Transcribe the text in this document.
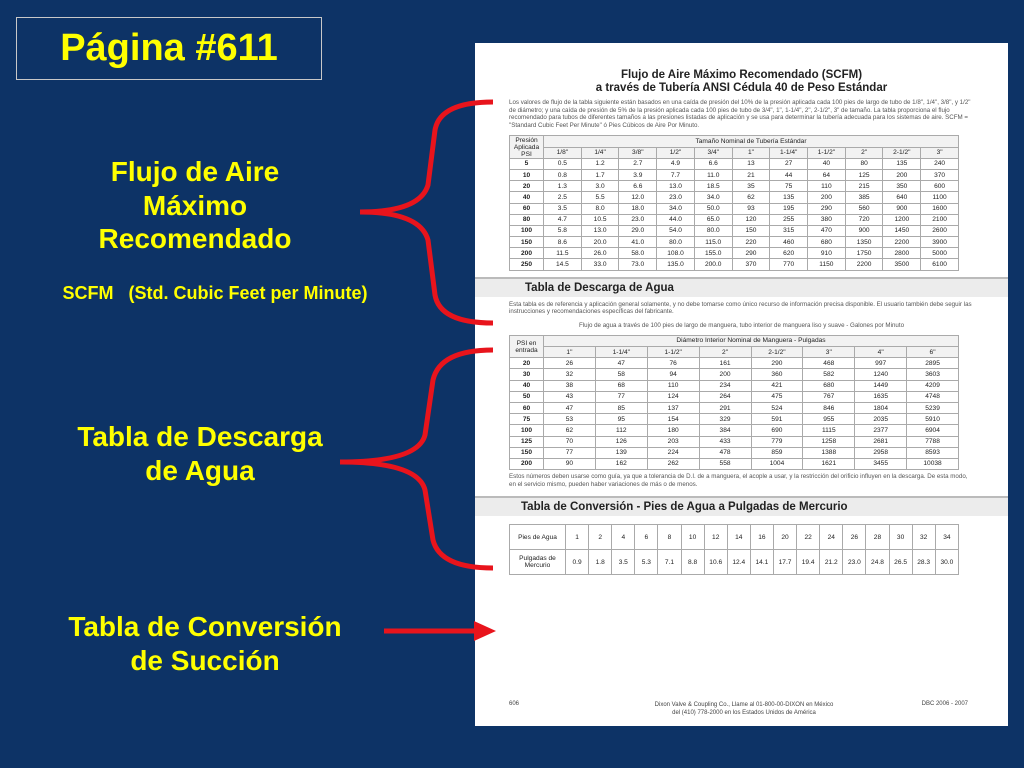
Página #611
Flujo de Aire
Máximo
Recomendado
SCFM   (Std. Cubic Feet per Minute)
Tabla de Descarga
de Agua
Tabla de Conversión
de Succión
Flujo de Aire Máximo Recomendado (SCFM)
a través de Tubería ANSI Cédula 40 de Peso Estándar
Los valores de flujo de la tabla siguiente están basados en una caída de presión del 10% de la presión aplicada cada 100 pies de largo de tubo de 1/8", 1/4", 3/8", y 1/2" de diámetro; y una caída de presión de 5% de la presión aplicada cada 100 pies de tubo de 3/4", 1", 1-1/4", 2", 2-1/2", 3" de tamaño. La tabla proporciona el flujo recomendado para tubos de diferentes tamaños a las presiones listadas de aplicación y se usa para determinar la tubería adecuada para los sistemas de aire. SCFM = "Standard Cubic Feet Per Minute" ó Pies Cúbicos de Aire Por Minuto.
Presión Aplicada PSI	Tamaño Nominal de Tubería Estándar										
	1/8"	1/4"	3/8"	1/2"	3/4"	1"	1-1/4"	1-1/2"	2"	2-1/2"	3"
5	0.5	1.2	2.7	4.9	6.6	13	27	40	80	135	240
10	0.8	1.7	3.9	7.7	11.0	21	44	64	125	200	370
20	1.3	3.0	6.6	13.0	18.5	35	75	110	215	350	600
40	2.5	5.5	12.0	23.0	34.0	62	135	200	385	640	1100
60	3.5	8.0	18.0	34.0	50.0	93	195	290	560	900	1600
80	4.7	10.5	23.0	44.0	65.0	120	255	380	720	1200	2100
100	5.8	13.0	29.0	54.0	80.0	150	315	470	900	1450	2600
150	8.6	20.0	41.0	80.0	115.0	220	460	680	1350	2200	3900
200	11.5	26.0	58.0	108.0	155.0	290	620	910	1750	2800	5000
250	14.5	33.0	73.0	135.0	200.0	370	770	1150	2200	3500	6100
Tabla de Descarga de Agua
Esta tabla es de referencia y aplicación general solamente, y no debe tomarse como único recurso de información precisa disponible. El usuario también debe seguir las instrucciones y recomendaciones específicas del fabricante.
Flujo de agua a través de 100 pies de largo de manguera, tubo interior de manguera liso y suave - Galones por Minuto
PSI en entrada	Diámetro Interior Nominal de Manguera - Pulgadas							
	1"	1-1/4"	1-1/2"	2"	2-1/2"	3"	4"	6"
20	26	47	76	161	290	468	997	2895
30	32	58	94	200	360	582	1240	3603
40	38	68	110	234	421	680	1449	4209
50	43	77	124	264	475	767	1635	4748
60	47	85	137	291	524	846	1804	5239
75	53	95	154	329	591	955	2035	5910
100	62	112	180	384	690	1115	2377	6904
125	70	126	203	433	779	1258	2681	7788
150	77	139	224	478	859	1388	2958	8593
200	90	162	262	558	1004	1621	3455	10038
Estos números deben usarse como guía, ya que a tolerancia de D.I. de a manguera, el acople a usar, y la restricción del orificio influyen en la descarga. De esta modo, en el servicio mismo, pueden haber variaciones de más o de menos.
Tabla de Conversión - Pies de Agua a Pulgadas de Mercurio
Pies de Agua	1	2	4	6	8	10	12	14	16	20	22	24	26	28	30	32	34
Pulgadas de Mercurio	0.9	1.8	3.5	5.3	7.1	8.8	10.6	12.4	14.1	17.7	19.4	21.2	23.0	24.8	26.5	28.3	30.0
606	Dixon Valve & Coupling Co., Llame al 01-800-00-DIXON en México
del (410) 778-2000 en los Estados Unidos de América
DBC 2006 - 2007
